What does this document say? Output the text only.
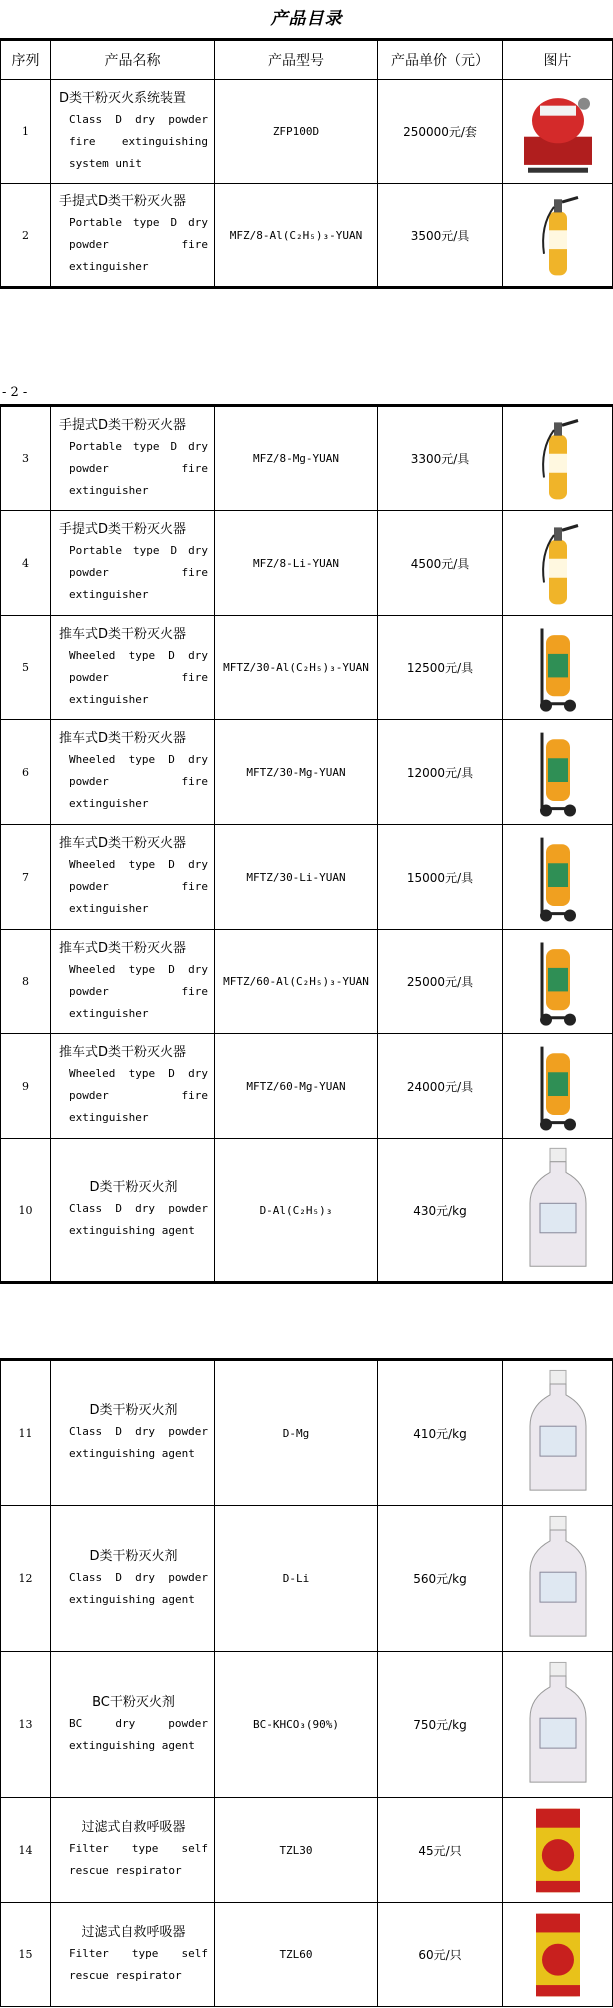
产品目录
- 2 -
序列	产品名称	产品型号	产品单价（元）	图片
1	D类干粉灭火系统装置
Class D dry powder fire extinguishing system unit	ZFP100D	250000元/套	

2	手提式D类干粉灭火器
Portable type D dry powder fire extinguisher	MFZ/8-Al(C₂H₅)₃-YUAN	3500元/具	
3	手提式D类干粉灭火器
Portable type D dry powder fire extinguisher	MFZ/8-Mg-YUAN	3300元/具	

4	手提式D类干粉灭火器
Portable type D dry powder fire extinguisher	MFZ/8-Li-YUAN	4500元/具	

5	推车式D类干粉灭火器
Wheeled type D dry powder fire extinguisher	MFTZ/30-Al(C₂H₅)₃-YUAN	12500元/具	

6	推车式D类干粉灭火器
Wheeled type D dry powder fire extinguisher	MFTZ/30-Mg-YUAN	12000元/具	

7	推车式D类干粉灭火器
Wheeled type D dry powder fire extinguisher	MFTZ/30-Li-YUAN	15000元/具	

8	推车式D类干粉灭火器
Wheeled type D dry powder fire extinguisher	MFTZ/60-Al(C₂H₅)₃-YUAN	25000元/具	

9	推车式D类干粉灭火器
Wheeled type D dry powder fire extinguisher	MFTZ/60-Mg-YUAN	24000元/具	

10	D类干粉灭火剂
Class D dry powder extinguishing agent	D-Al(C₂H₅)₃	430元/kg	
11	D类干粉灭火剂
Class D dry powder extinguishing agent	D-Mg	410元/kg	

12	D类干粉灭火剂
Class D dry powder extinguishing agent	D-Li	560元/kg	

13	BC干粉灭火剂
BC dry powder extinguishing agent	BC-KHCO₃(90%)	750元/kg	

14	过滤式自救呼吸器
Filter type self rescue respirator	TZL30	45元/只	

15	过滤式自救呼吸器
Filter type self rescue respirator	TZL60	60元/只	
